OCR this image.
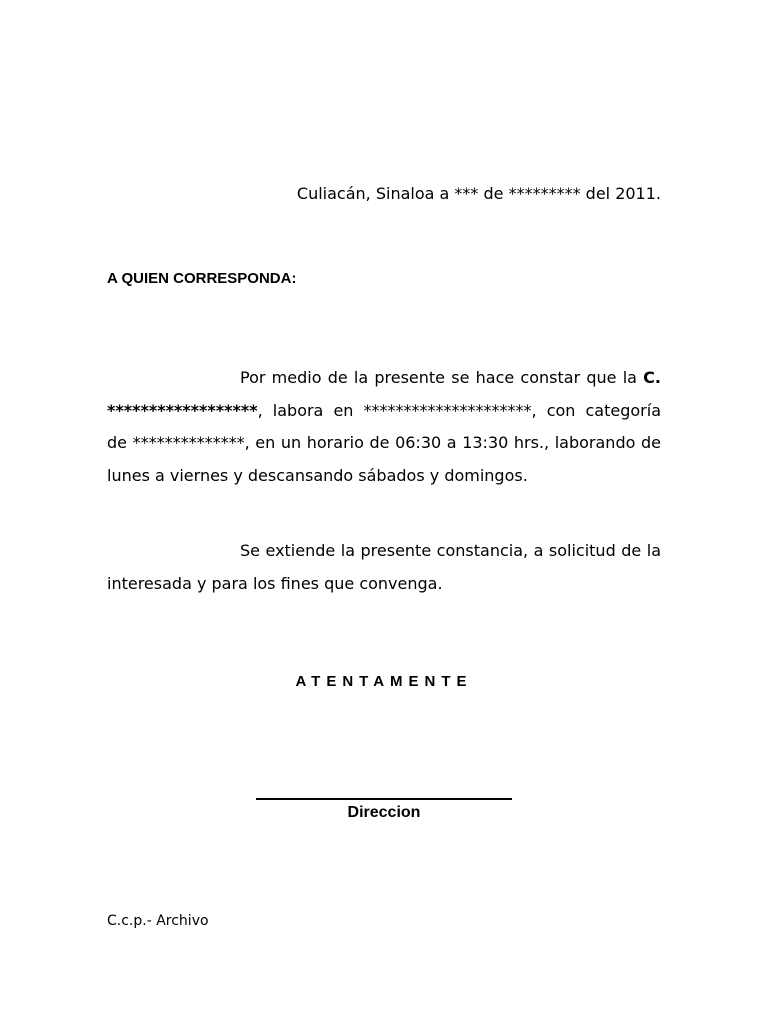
Culiacán, Sinaloa a *** de ********* del 2011.
A QUIEN CORRESPONDA:

Por medio de la presente se hace constar que la C. ******************, labora en *********************, con categoría de **************, en un horario de 06:30 a 13:30 hrs., laborando de lunes a viernes y descansando sábados y domingos.

Se extiende la presente constancia, a solicitud de la interesada y para los fines que convenga.

ATENTAMENTE
Direccion
C.c.p.- Archivo
